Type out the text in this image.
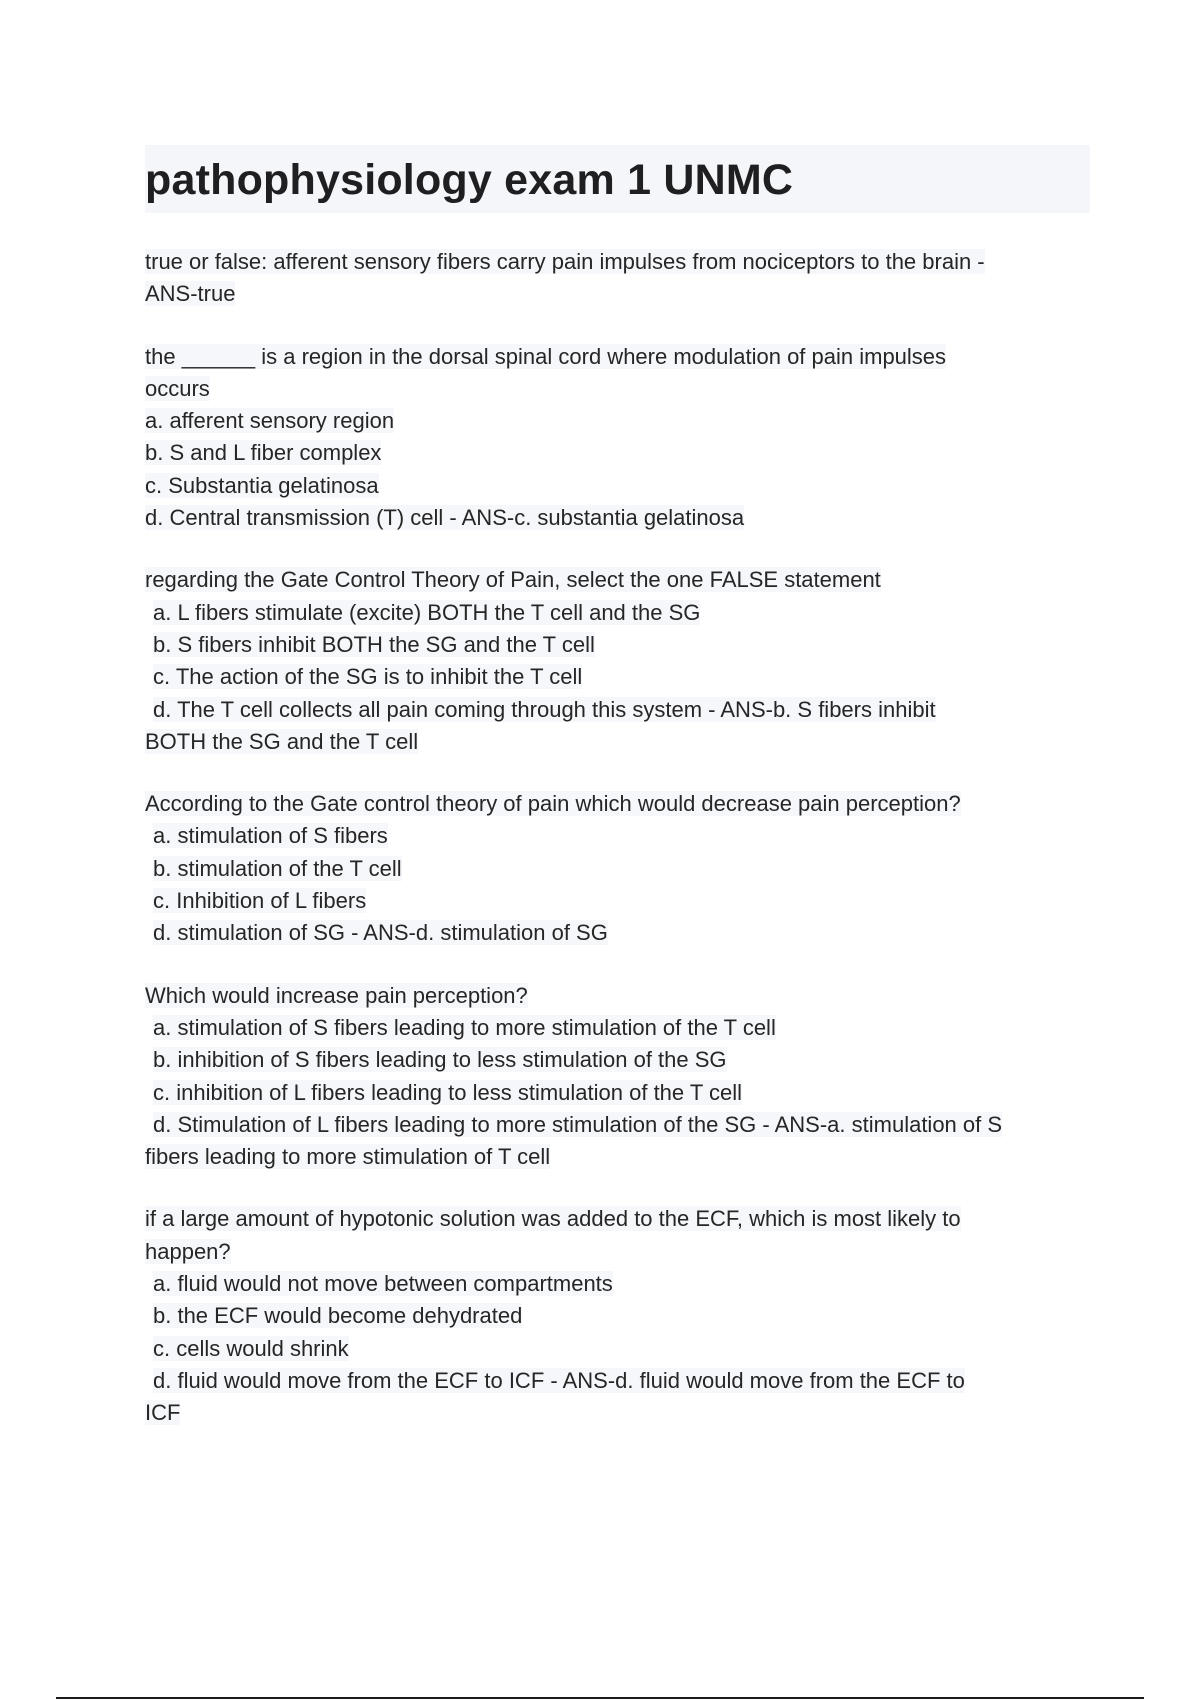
pathophysiology exam 1 UNMC
true or false: afferent sensory fibers carry pain impulses from nociceptors to the brain -
ANS-true
the ______ is a region in the dorsal spinal cord where modulation of pain impulses
occurs
a. afferent sensory region
b. S and L fiber complex
c. Substantia gelatinosa
d. Central transmission (T) cell - ANS-c. substantia gelatinosa
regarding the Gate Control Theory of Pain, select the one FALSE statement
a. L fibers stimulate (excite) BOTH the T cell and the SG
b. S fibers inhibit BOTH the SG and the T cell
c. The action of the SG is to inhibit the T cell
d. The T cell collects all pain coming through this system - ANS-b. S fibers inhibit
BOTH the SG and the T cell
According to the Gate control theory of pain which would decrease pain perception?
a. stimulation of S fibers
b. stimulation of the T cell
c. Inhibition of L fibers
d. stimulation of SG - ANS-d. stimulation of SG
Which would increase pain perception?
a. stimulation of S fibers leading to more stimulation of the T cell
b. inhibition of S fibers leading to less stimulation of the SG
c. inhibition of L fibers leading to less stimulation of the T cell
d. Stimulation of L fibers leading to more stimulation of the SG - ANS-a. stimulation of S
fibers leading to more stimulation of T cell
if a large amount of hypotonic solution was added to the ECF, which is most likely to
happen?
a. fluid would not move between compartments
b. the ECF would become dehydrated
c. cells would shrink
d. fluid would move from the ECF to ICF - ANS-d. fluid would move from the ECF to
ICF
